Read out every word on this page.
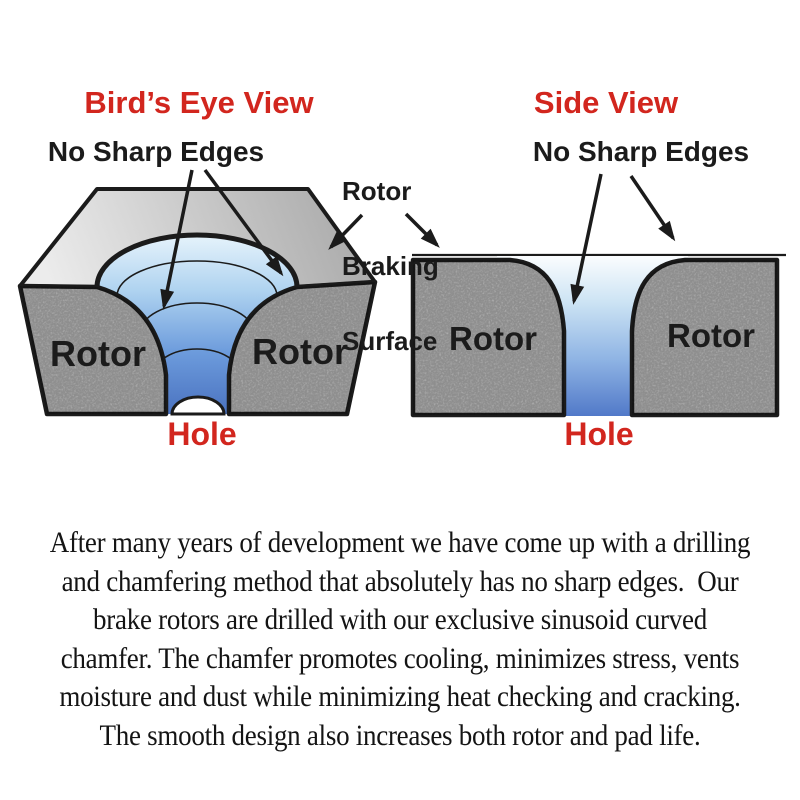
Bird’s Eye View	Side View
No Sharp Edges	No Sharp Edges

Rotor

Braking

Surface

Rotor	Rotor
Hole
Rotor	Rotor
Hole
After many years of development we have come up with a drilling
and chamfering method that absolutely has no sharp edges.  Our
brake rotors are drilled with our exclusive sinusoid curved
chamfer. The chamfer promotes cooling, minimizes stress, vents
moisture and dust while minimizing heat checking and cracking.
The smooth design also increases both rotor and pad life.
